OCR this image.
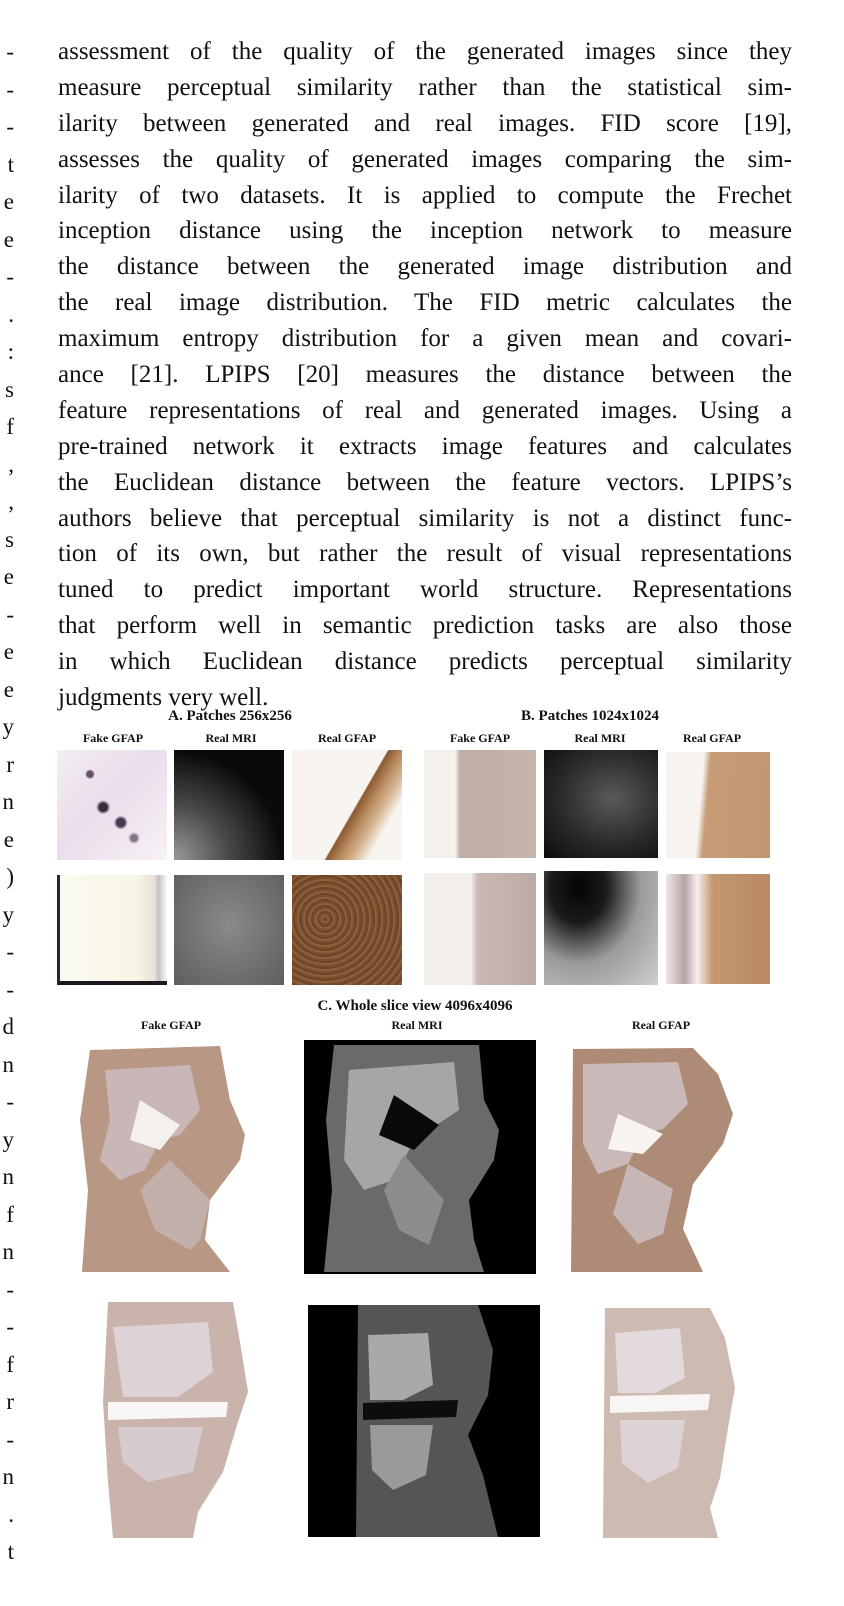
-
-
-
t
e
e
-
.
:
s
f
,
,
s
e
-
e
e
y
r
n
e
)
y
-
-
d
n
-
y
n
f
n
-
-
f
r
-
n
.
t
assessment of the quality of the generated images since they
measure perceptual similarity rather than the statistical sim-
ilarity between generated and real images. FID score [19],
assesses the quality of generated images comparing the sim-
ilarity of two datasets. It is applied to compute the Frechet
inception distance using the inception network to measure
the distance between the generated image distribution and
the real image distribution. The FID metric calculates the
maximum entropy distribution for a given mean and covari-
ance [21]. LPIPS [20] measures the distance between the
feature representations of real and generated images. Using a
pre-trained network it extracts image features and calculates
the Euclidean distance between the feature vectors. LPIPS’s
authors believe that perceptual similarity is not a distinct func-
tion of its own, but rather the result of visual representations
tuned to predict important world structure. Representations
that perform well in semantic prediction tasks are also those
in which Euclidean distance predicts perceptual similarity
judgments very well.
A. Patches 256x256
Fake GFAP	Real MRI	Real GFAP
B. Patches 1024x1024
Fake GFAP	Real MRI	Real GFAP
C. Whole slice view 4096x4096
Fake GFAP	Real MRI	Real GFAP
